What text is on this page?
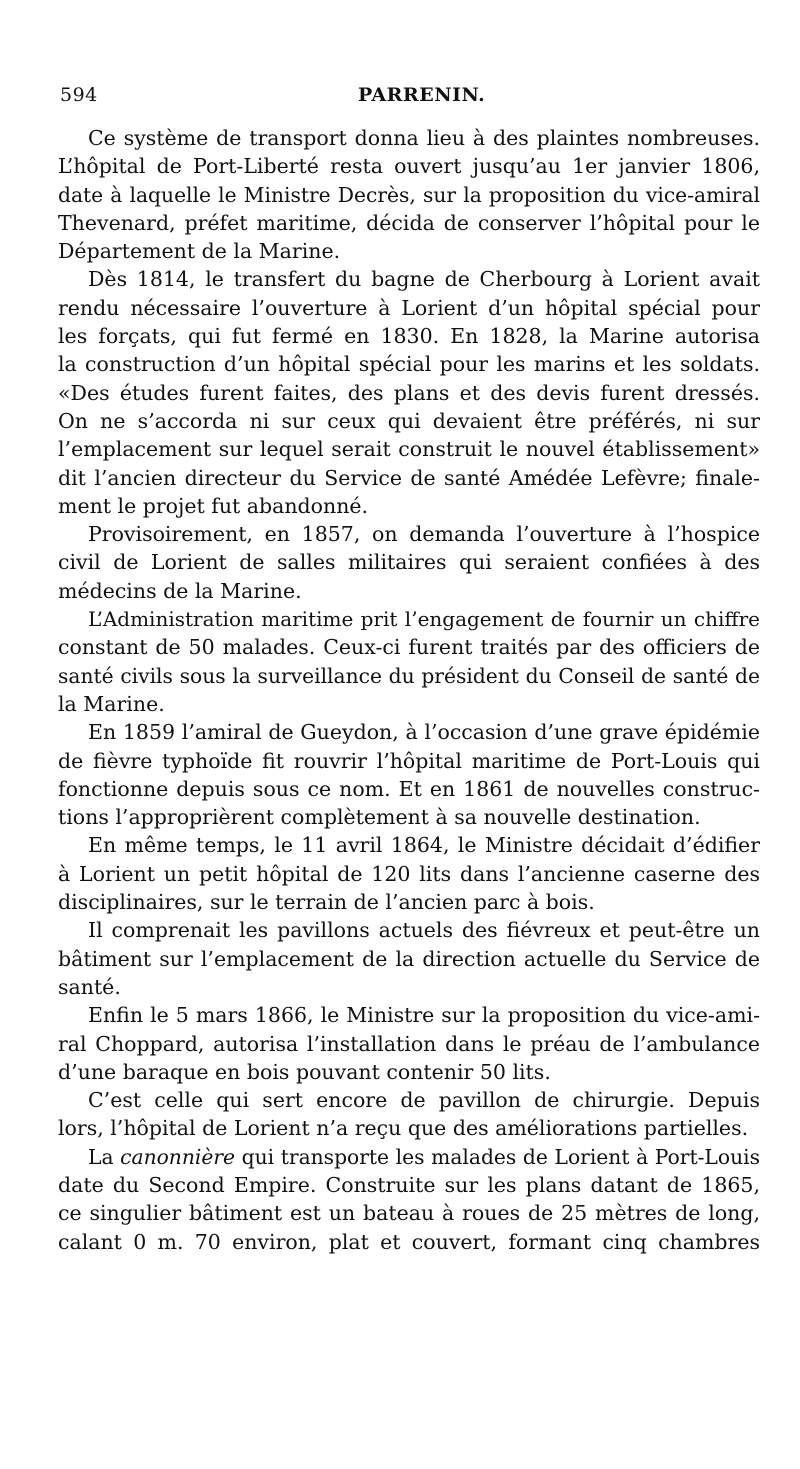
594	PARRENIN.
Ce système de transport donna lieu à des plaintes nombreuses.
L’hôpital de Port-Liberté resta ouvert jusqu’au 1er janvier 1806,
date à laquelle le Ministre Decrès, sur la proposition du vice-amiral
Thevenard, préfet maritime, décida de conserver l’hôpital pour le
Département de la Marine.
Dès 1814, le transfert du bagne de Cherbourg à Lorient avait
rendu nécessaire l’ouverture à Lorient d’un hôpital spécial pour
les forçats, qui fut fermé en 1830. En 1828, la Marine autorisa
la construction d’un hôpital spécial pour les marins et les soldats.
«Des études furent faites, des plans et des devis furent dressés.
On ne s’accorda ni sur ceux qui devaient être préférés, ni sur
l’emplacement sur lequel serait construit le nouvel établissement»
dit l’ancien directeur du Service de santé Amédée Lefèvre; finale-
ment le projet fut abandonné.
Provisoirement, en 1857, on demanda l’ouverture à l’hospice
civil de Lorient de salles militaires qui seraient confiées à des
médecins de la Marine.
L’Administration maritime prit l’engagement de fournir un chiffre
constant de 50 malades. Ceux-ci furent traités par des officiers de
santé civils sous la surveillance du président du Conseil de santé de
la Marine.
En 1859 l’amiral de Gueydon, à l’occasion d’une grave épidémie
de fièvre typhoïde fit rouvrir l’hôpital maritime de Port-Louis qui
fonctionne depuis sous ce nom. Et en 1861 de nouvelles construc-
tions l’approprièrent complètement à sa nouvelle destination.
En même temps, le 11 avril 1864, le Ministre décidait d’édifier
à Lorient un petit hôpital de 120 lits dans l’ancienne caserne des
disciplinaires, sur le terrain de l’ancien parc à bois.
Il comprenait les pavillons actuels des fiévreux et peut-être un
bâtiment sur l’emplacement de la direction actuelle du Service de
santé.
Enfin le 5 mars 1866, le Ministre sur la proposition du vice-ami-
ral Choppard, autorisa l’installation dans le préau de l’ambulance
d’une baraque en bois pouvant contenir 50 lits.
C’est celle qui sert encore de pavillon de chirurgie. Depuis
lors, l’hôpital de Lorient n’a reçu que des améliorations partielles.
La canonnière qui transporte les malades de Lorient à Port-Louis
date du Second Empire. Construite sur les plans datant de 1865,
ce singulier bâtiment est un bateau à roues de 25 mètres de long,
calant 0 m. 70 environ, plat et couvert, formant cinq chambres
